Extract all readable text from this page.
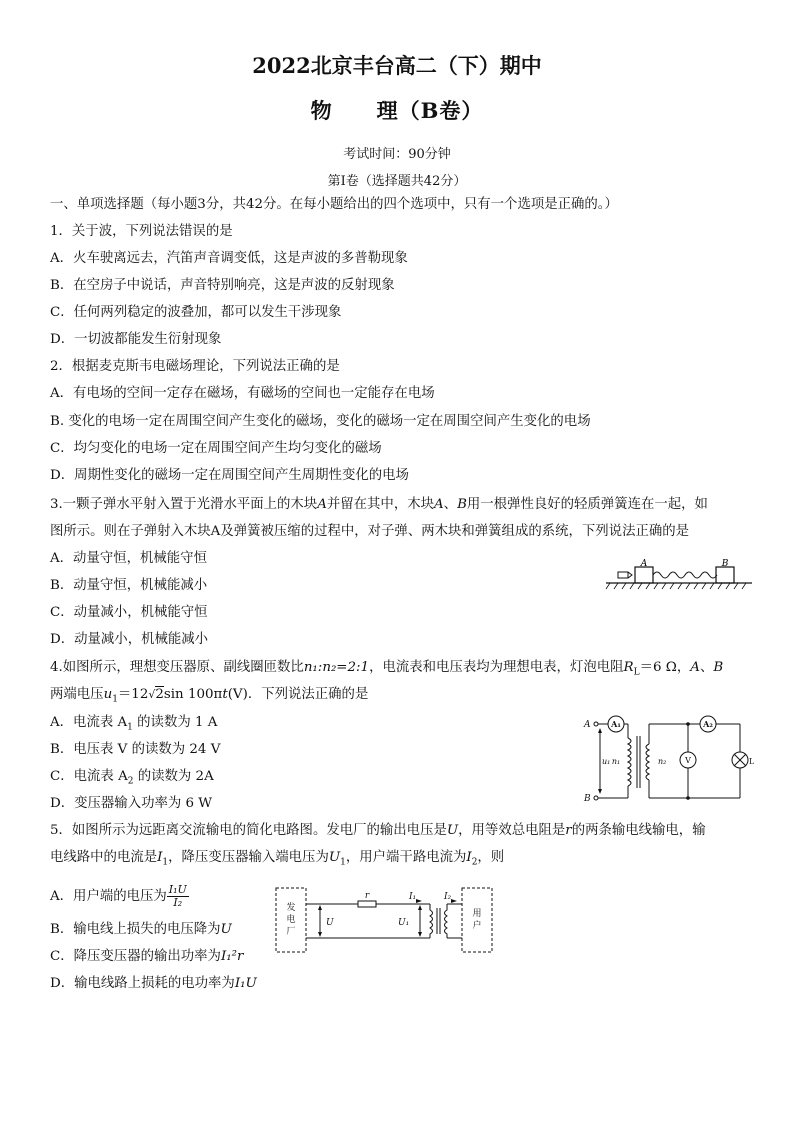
2022北京丰台高二（下）期中
物　　理（B卷）
考试时间：90分钟
第I卷（选择题共42分）
一、单项选择题（每小题3分，共42分。在每小题给出的四个选项中，只有一个选项是正确的。）
1．关于波，下列说法错误的是
A．火车驶离远去，汽笛声音调变低，这是声波的多普勒现象
B．在空房子中说话，声音特别响亮，这是声波的反射现象
C．任何两列稳定的波叠加，都可以发生干涉现象
D．一切波都能发生衍射现象
2．根据麦克斯韦电磁场理论，下列说法正确的是
A．有电场的空间一定存在磁场，有磁场的空间也一定能存在电场
B. 变化的电场一定在周围空间产生变化的磁场，变化的磁场一定在周围空间产生变化的电场
C．均匀变化的电场一定在周围空间产生均匀变化的磁场
D．周期性变化的磁场一定在周围空间产生周期性变化的电场
3.一颗子弹水平射入置于光滑水平面上的木块A并留在其中，木块A、B用一根弹性良好的轻质弹簧连在一起，如
图所示。则在子弹射入木块A及弹簧被压缩的过程中，对子弹、两木块和弹簧组成的系统，下列说法正确的是
A．动量守恒，机械能守恒
B．动量守恒，机械能减小
C．动量减小，机械能守恒
D．动量减小，机械能减小
A	B
4.如图所示，理想变压器原、副线圈匝数比n₁:n₂=2:1，电流表和电压表均为理想电表，灯泡电阻$R_L=6$ Ω，A、B
两端电压$u_1=12√2\sin$ 100πt(V)．下列说法正确的是
A．电流表 $A_1$ 的读数为 1 A
B．电压表 V 的读数为 24 V
C．电流表 $A_2$ 的读数为 2A
D．变压器输入功率为 6 W
A
B
u₁ n₁	n₂
A₁	A₂
V	L
5．如图所示为远距离交流输电的简化电路图。发电厂的输出电压是U，用等效总电阻是r的两条输电线输电，输
电线路中的电流是$I_1$，降压变压器输入端电压为$U_1$，用户端干路电流为$I_2$，则
A．用户端的电压为 $\frac{\text{I₁U}}{\text{I₂}}$
B．输电线上损失的电压降为U
C．降压变压器的输出功率为I₁²r
D．输电线路上损耗的电功率为I₁U
发
电
厂
用
户
U
r
U₁
I₁	I₂
